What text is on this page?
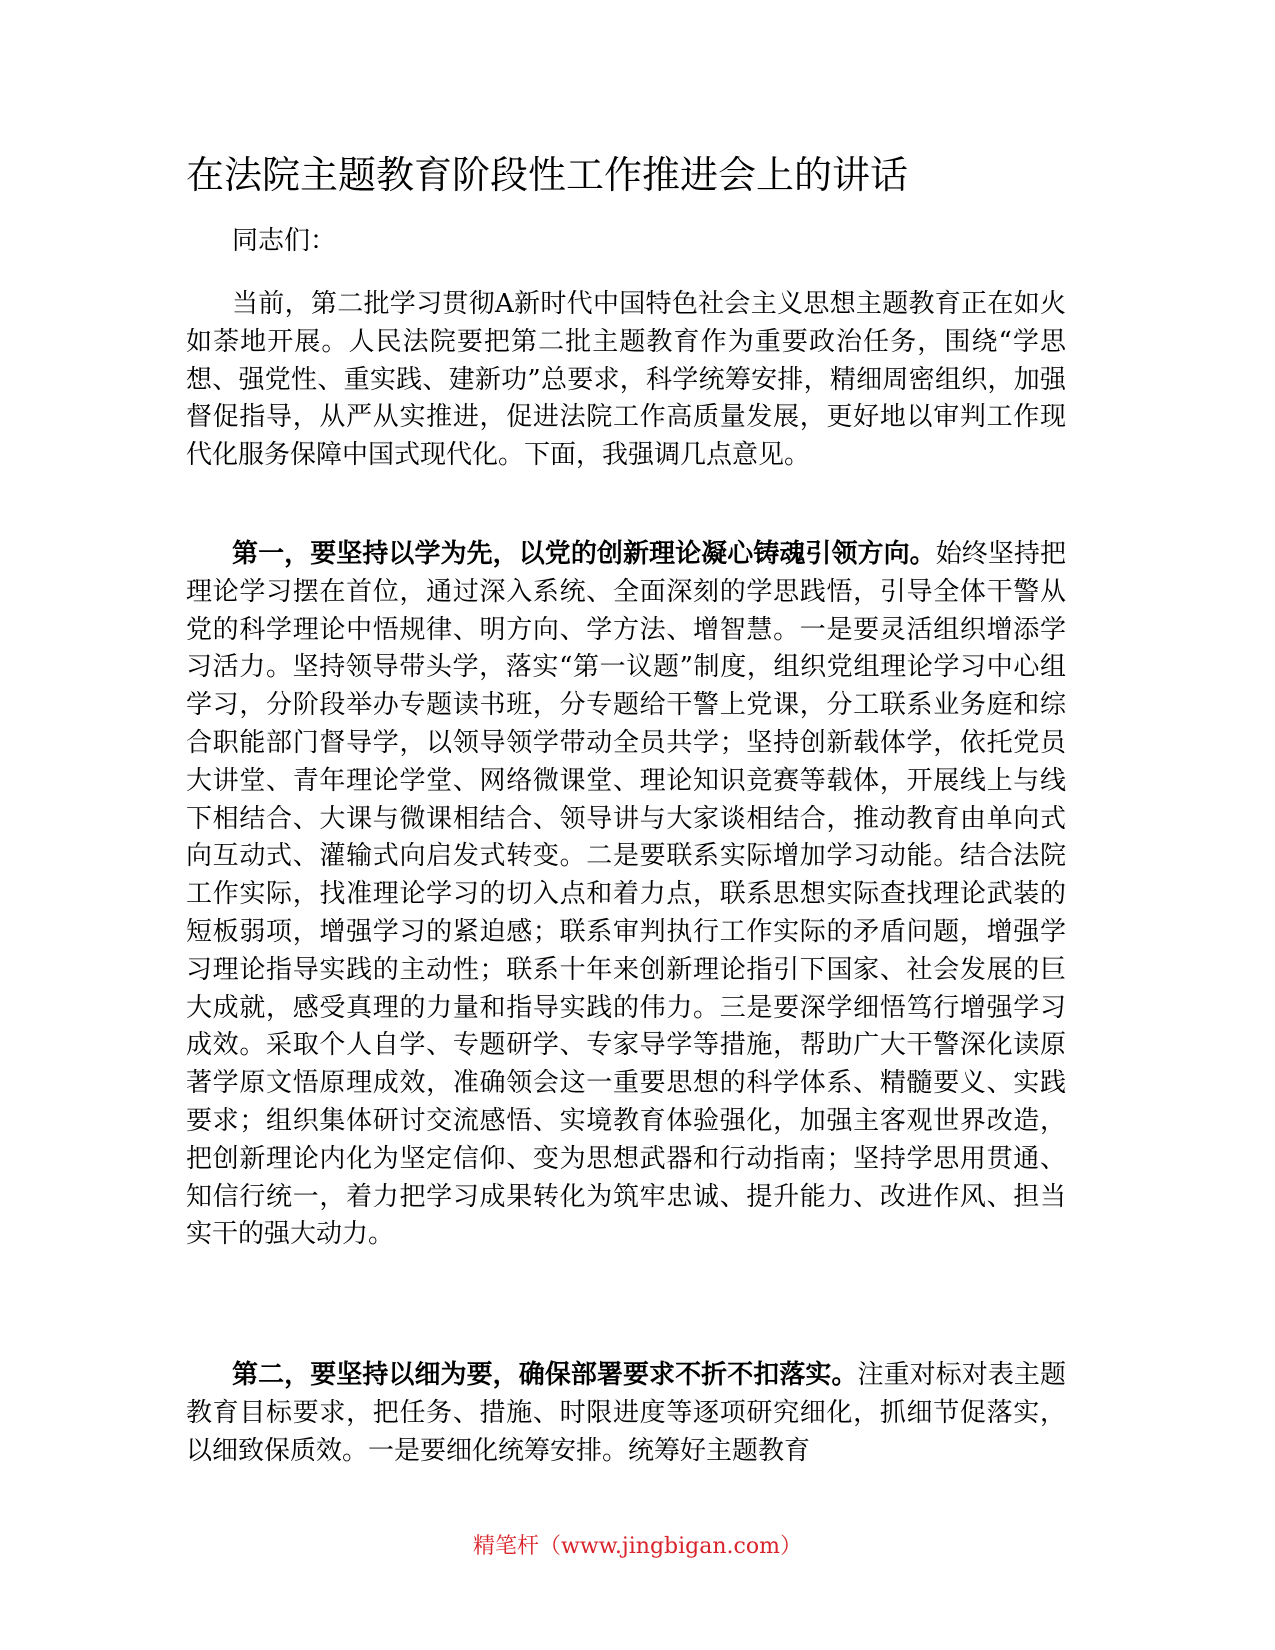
在法院主题教育阶段性工作推进会上的讲话

同志们：

当前，第二批学习贯彻A新时代中国特色社会主义思想主题教育正在如火如荼地开展。人民法院要把第二批主题教育作为重要政治任务，围绕“学思想、强党性、重实践、建新功”总要求，科学统筹安排，精细周密组织，加强督促指导，从严从实推进，促进法院工作高质量发展，更好地以审判工作现代化服务保障中国式现代化。下面，我强调几点意见。

第一，要坚持以学为先，以党的创新理论凝心铸魂引领方向。始终坚持把理论学习摆在首位，通过深入系统、全面深刻的学思践悟，引导全体干警从党的科学理论中悟规律、明方向、学方法、增智慧。一是要灵活组织增添学习活力。坚持领导带头学，落实“第一议题”制度，组织党组理论学习中心组学习，分阶段举办专题读书班，分专题给干警上党课，分工联系业务庭和综合职能部门督导学，以领导领学带动全员共学；坚持创新载体学，依托党员大讲堂、青年理论学堂、网络微课堂、理论知识竞赛等载体，开展线上与线下相结合、大课与微课相结合、领导讲与大家谈相结合，推动教育由单向式向互动式、灌输式向启发式转变。二是要联系实际增加学习动能。结合法院工作实际，找准理论学习的切入点和着力点，联系思想实际查找理论武装的短板弱项，增强学习的紧迫感；联系审判执行工作实际的矛盾问题，增强学习理论指导实践的主动性；联系十年来创新理论指引下国家、社会发展的巨大成就，感受真理的力量和指导实践的伟力。三是要深学细悟笃行增强学习成效。采取个人自学、专题研学、专家导学等措施，帮助广大干警深化读原著学原文悟原理成效，准确领会这一重要思想的科学体系、精髓要义、实践要求；组织集体研讨交流感悟、实境教育体验强化，加强主客观世界改造，把创新理论内化为坚定信仰、变为思想武器和行动指南；坚持学思用贯通、知信行统一，着力把学习成果转化为筑牢忠诚、提升能力、改进作风、担当实干的强大动力。

第二，要坚持以细为要，确保部署要求不折不扣落实。注重对标对表主题教育目标要求，把任务、措施、时限进度等逐项研究细化，抓细节促落实，以细致保质效。一是要细化统筹安排。统筹好主题教育

精笔杆（www.jingbigan.com）
